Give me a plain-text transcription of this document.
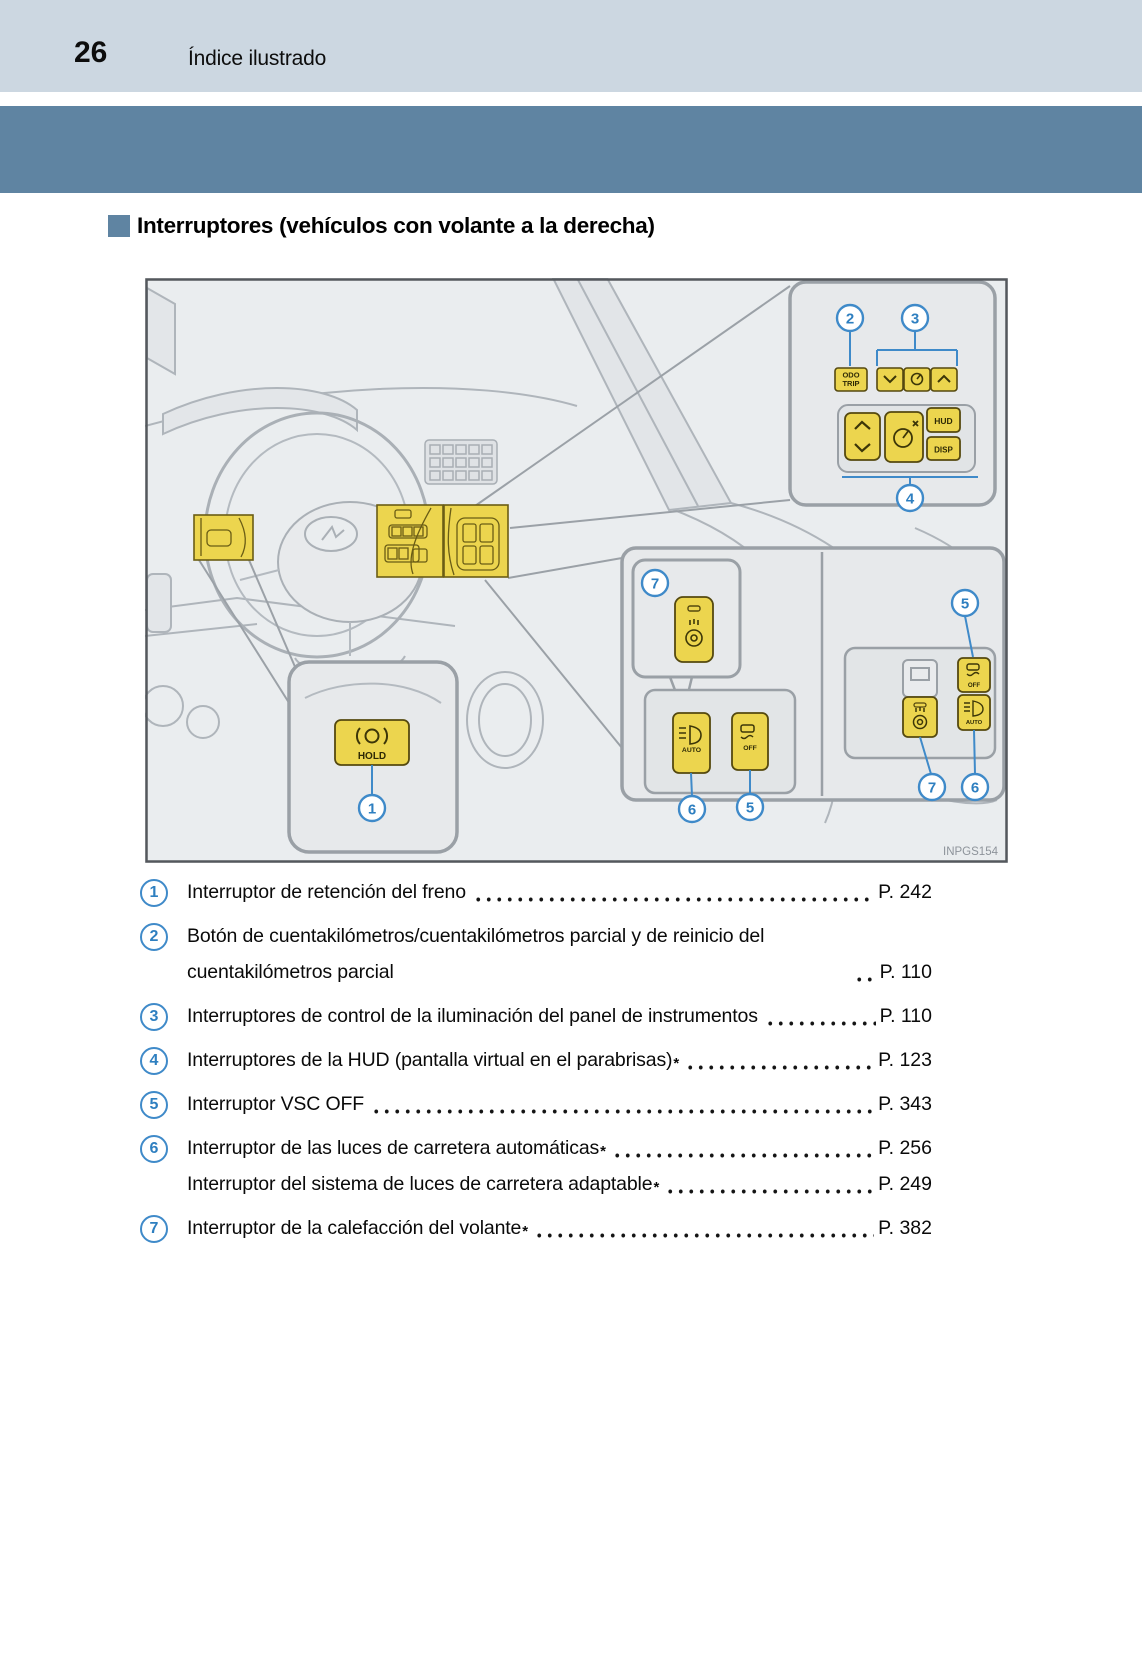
26	Índice ilustrado
Interruptores (vehículos con volante a la derecha)
ODO
TRIP
HUD
DISP
AUTO	OFF
OFF
AUTO
HOLD
1
2	3
4
5
5
6
6
7
7
INPGS154
1 Interruptor de retención del freno	P. 242
2 Botón de cuentakilómetros/cuentakilómetros parcial y de reinicio del cuentakilómetros parcial	P. 110
3 Interruptores de control de la iluminación del panel de instrumentos	P. 110
4 Interruptores de la HUD (pantalla virtual en el parabrisas) *	P. 123
5 Interruptor VSC OFF	P. 343
6 Interruptor de las luces de carretera automáticas *	P. 256
Interruptor del sistema de luces de carretera adaptable *	P. 249
7 Interruptor de la calefacción del volante *	P. 382
